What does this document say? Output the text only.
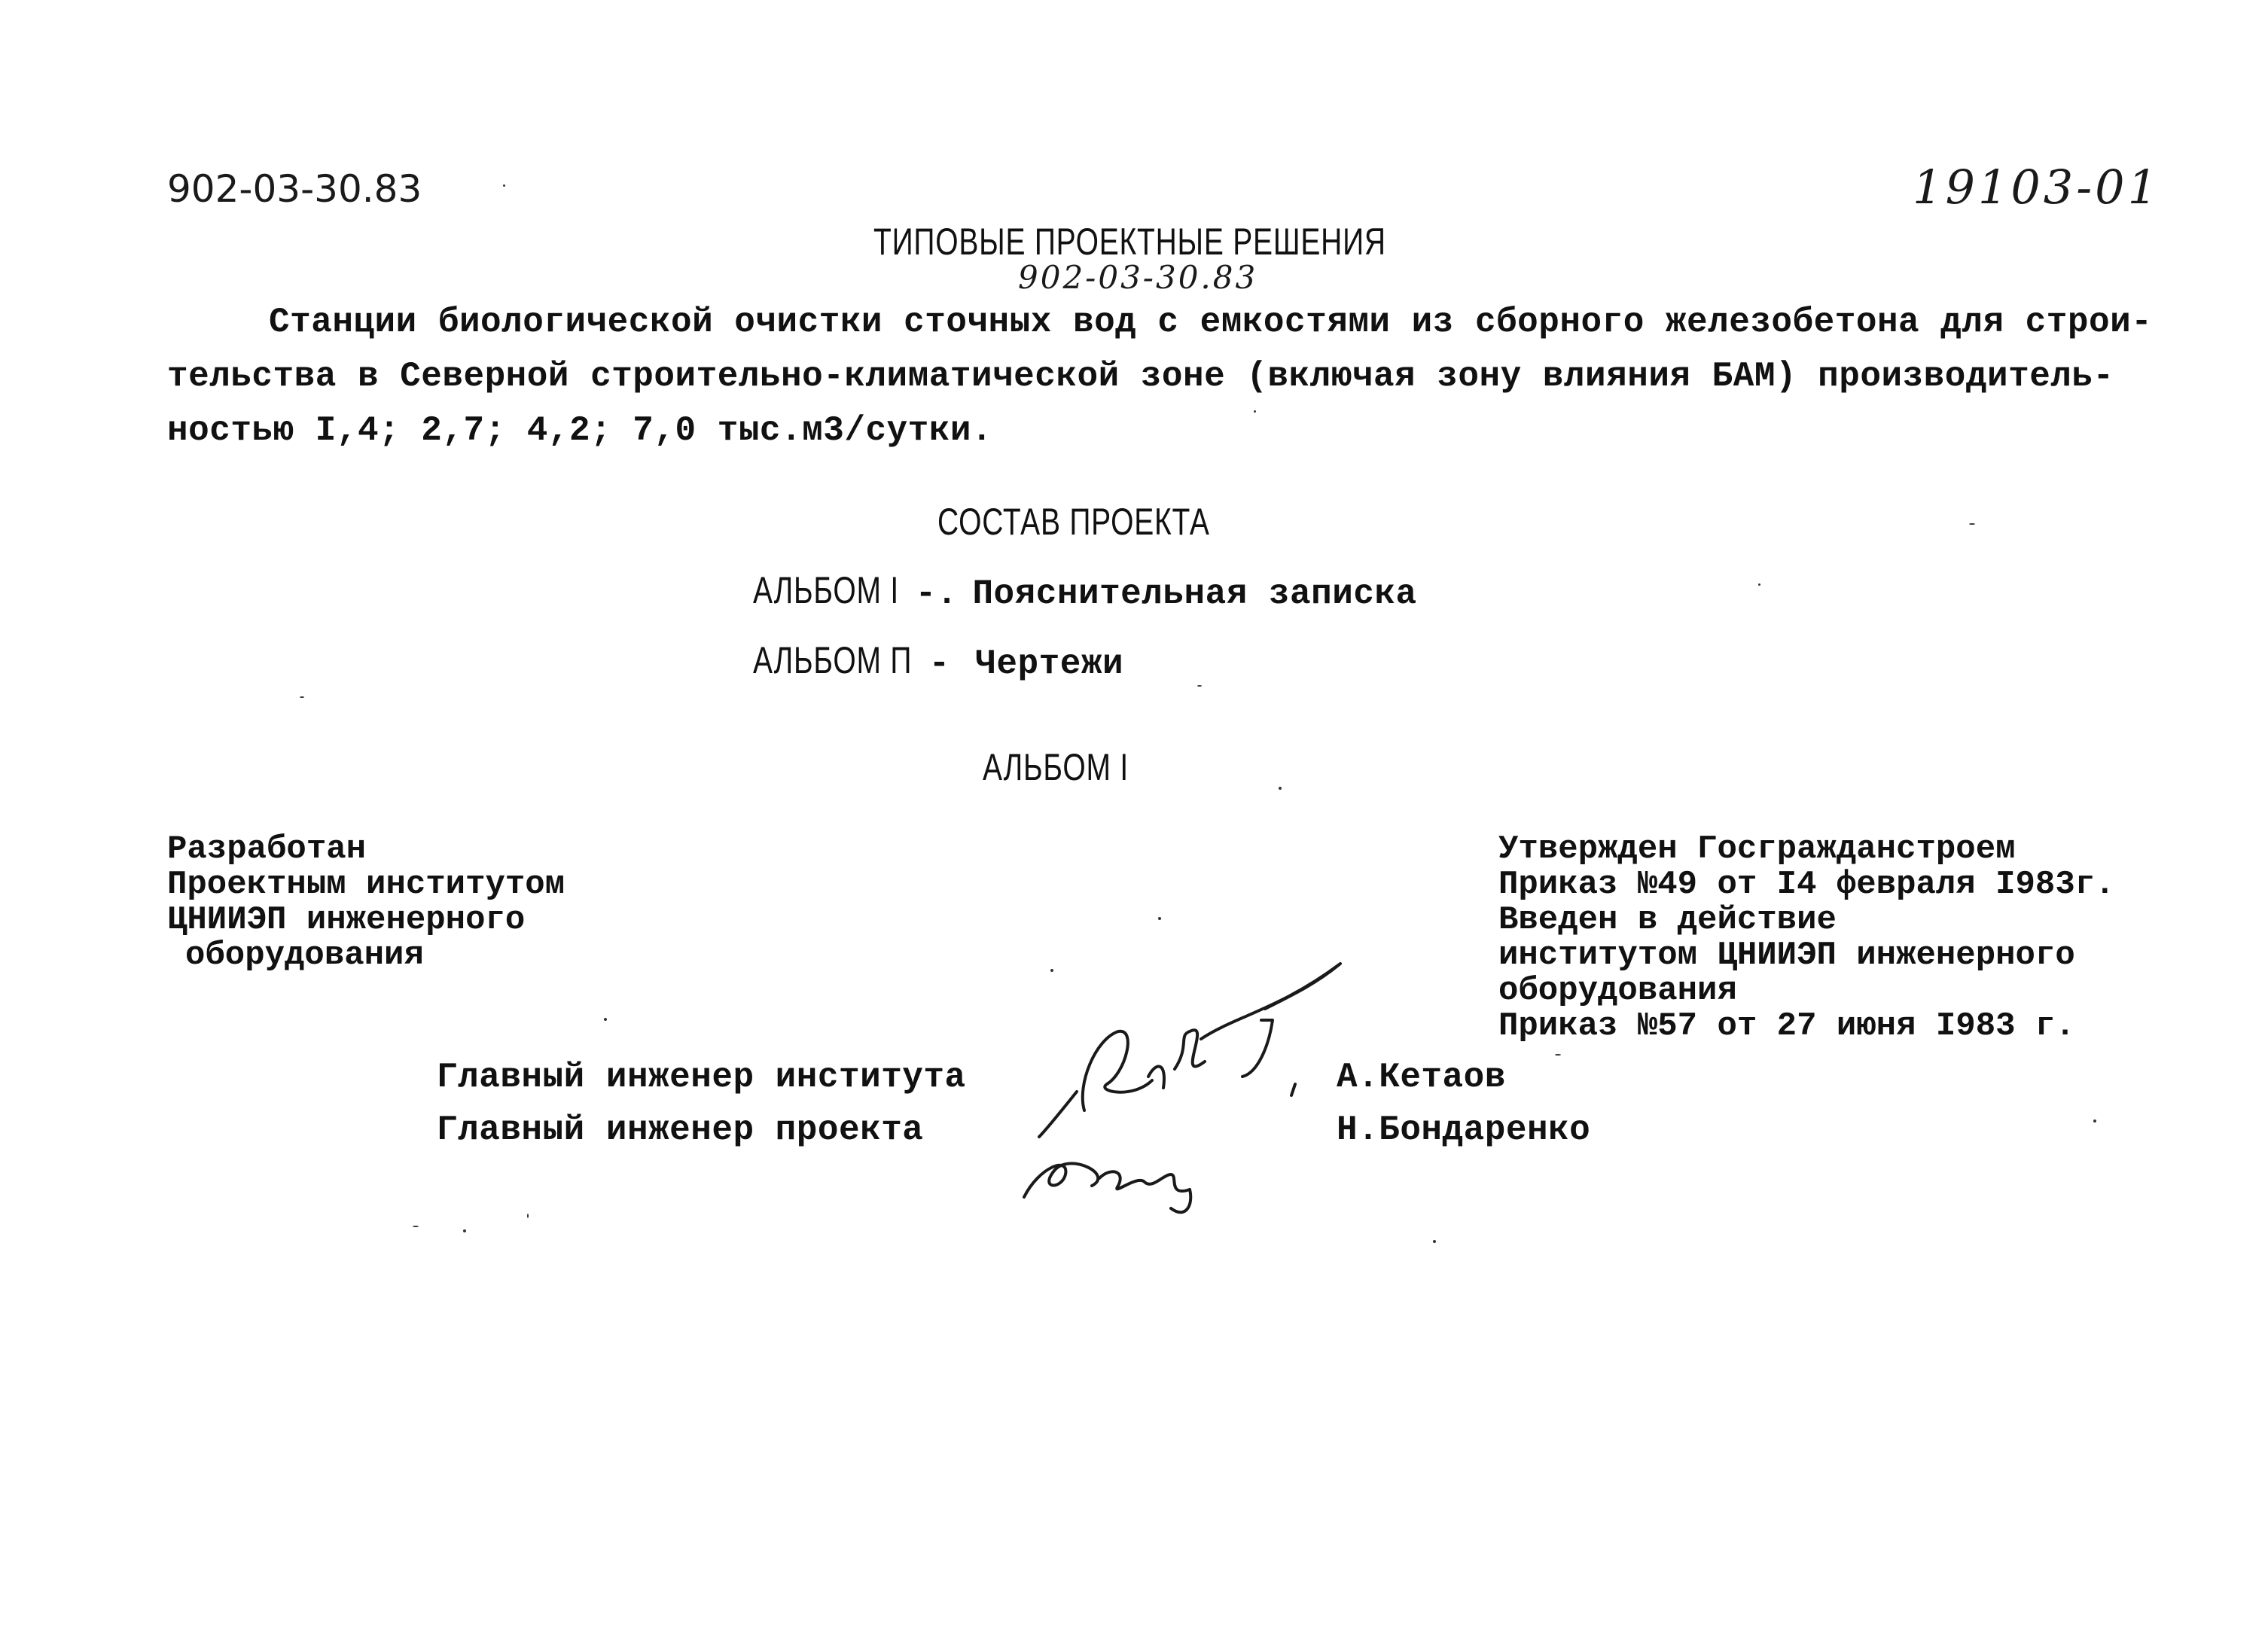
902-03-30.83	19103-01
ТИПОВЫЕ ПРОЕКТНЫЕ РЕШЕНИЯ
902-03-30.83
Станции биологической очистки сточных вод с емкостями из сборного железобетона для строи-
тельства в Северной строительно-климатической зоне (включая зону влияния БАМ) производитель-
ностью I,4; 2,7; 4,2; 7,0 тыс.м3/сутки.
СОСТАВ ПРОЕКТА
АЛЬБОМ I -. Пояснительная записка
АЛЬБОМ П - Чертежи
АЛЬБОМ I
Разработан
Проектным институтом
ЦНИИЭП инженерного
оборудования
Утвержден Госгражданстроем
Приказ №49 от I4 февраля I983г.
Введен в действие
институтом ЦНИИЭП инженерного
оборудования
Приказ №57 от 27 июня I983 г.
Главный инженер института	А.Кетаов
Главный инженер проекта	Н.Бондаренко
